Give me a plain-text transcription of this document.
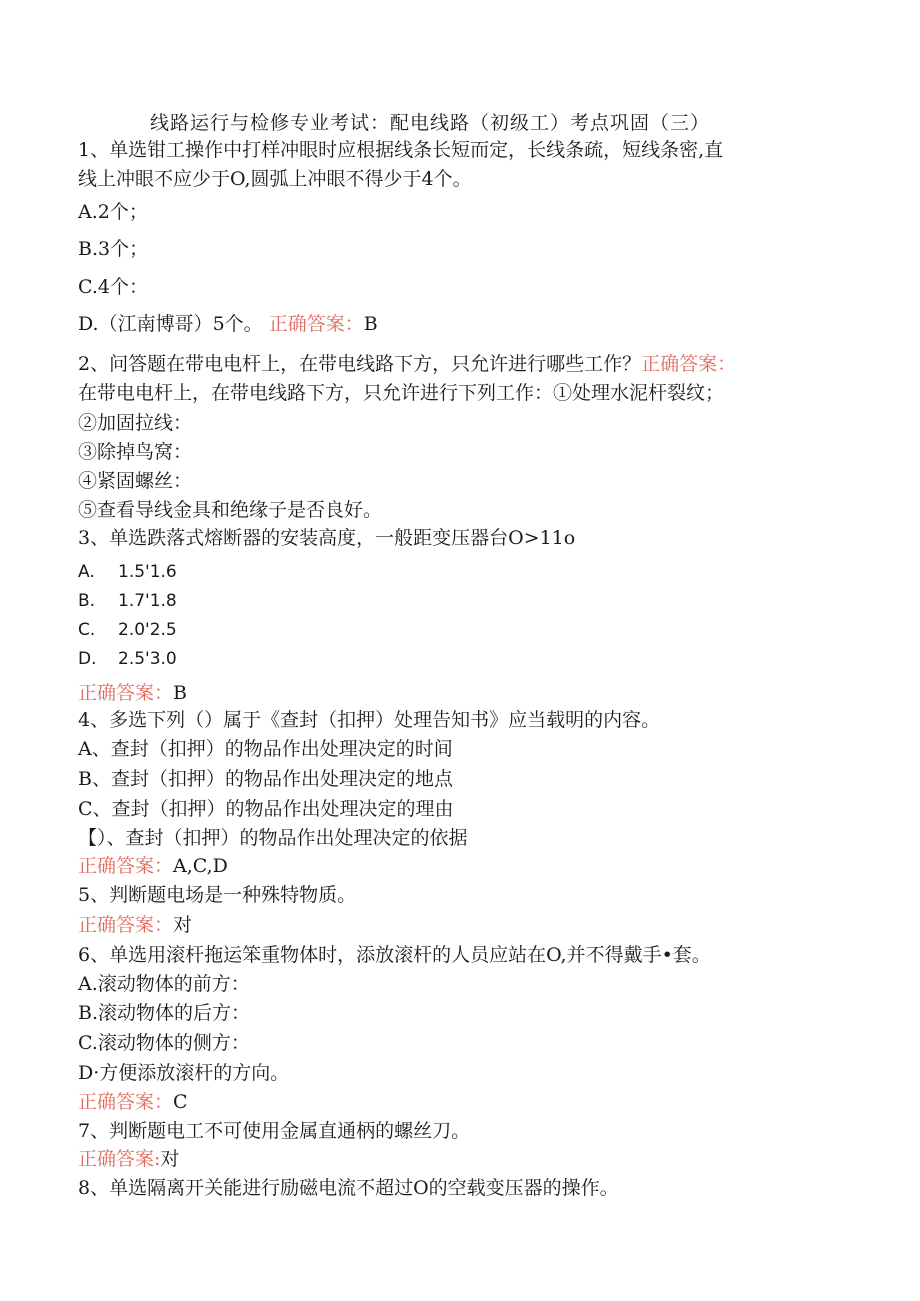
线路运行与检修专业考试：配电线路（初级工）考点巩固（三）
1、单选钳工操作中打样冲眼时应根据线条长短而定，长线条疏，短线条密,直
线上冲眼不应少于O,圆弧上冲眼不得少于4个。
A.2个；
B.3个；
C.4个：
D.（江南博哥）5个。 正确答案：B
2、问答题在带电电杆上，在带电线路下方，只允许进行哪些工作？正确答案：
在带电电杆上，在带电线路下方，只允许进行下列工作：①处理水泥杆裂纹；
②加固拉线：
③除掉鸟窝：
④紧固螺丝：
⑤查看导线金具和绝缘子是否良好。
3、单选跌落式熔断器的安装高度，一般距变压器台O>11o
A. 1.5'1.6
B. 1.7'1.8
C. 2.0'2.5
D. 2.5'3.0
正确答案：B
4、多选下列（）属于《查封（扣押）处理告知书》应当载明的内容。
A、查封（扣押）的物品作出处理决定的时间
B、查封（扣押）的物品作出处理决定的地点
C、查封（扣押）的物品作出处理决定的理由
【）、查封（扣押）的物品作出处理决定的依据
正确答案：A,C,D
5、判断题电场是一种殊特物质。
正确答案：对
6、单选用滚杆拖运笨重物体时，添放滚杆的人员应站在O,并不得戴手•套。
A.滚动物体的前方：
B.滚动物体的后方：
C.滚动物体的侧方：
D·方便添放滚杆的方向。
正确答案：C
7、判断题电工不可使用金属直通柄的螺丝刀。
正确答案:对
8、单选隔离开关能进行励磁电流不超过O的空载变压器的操作。
